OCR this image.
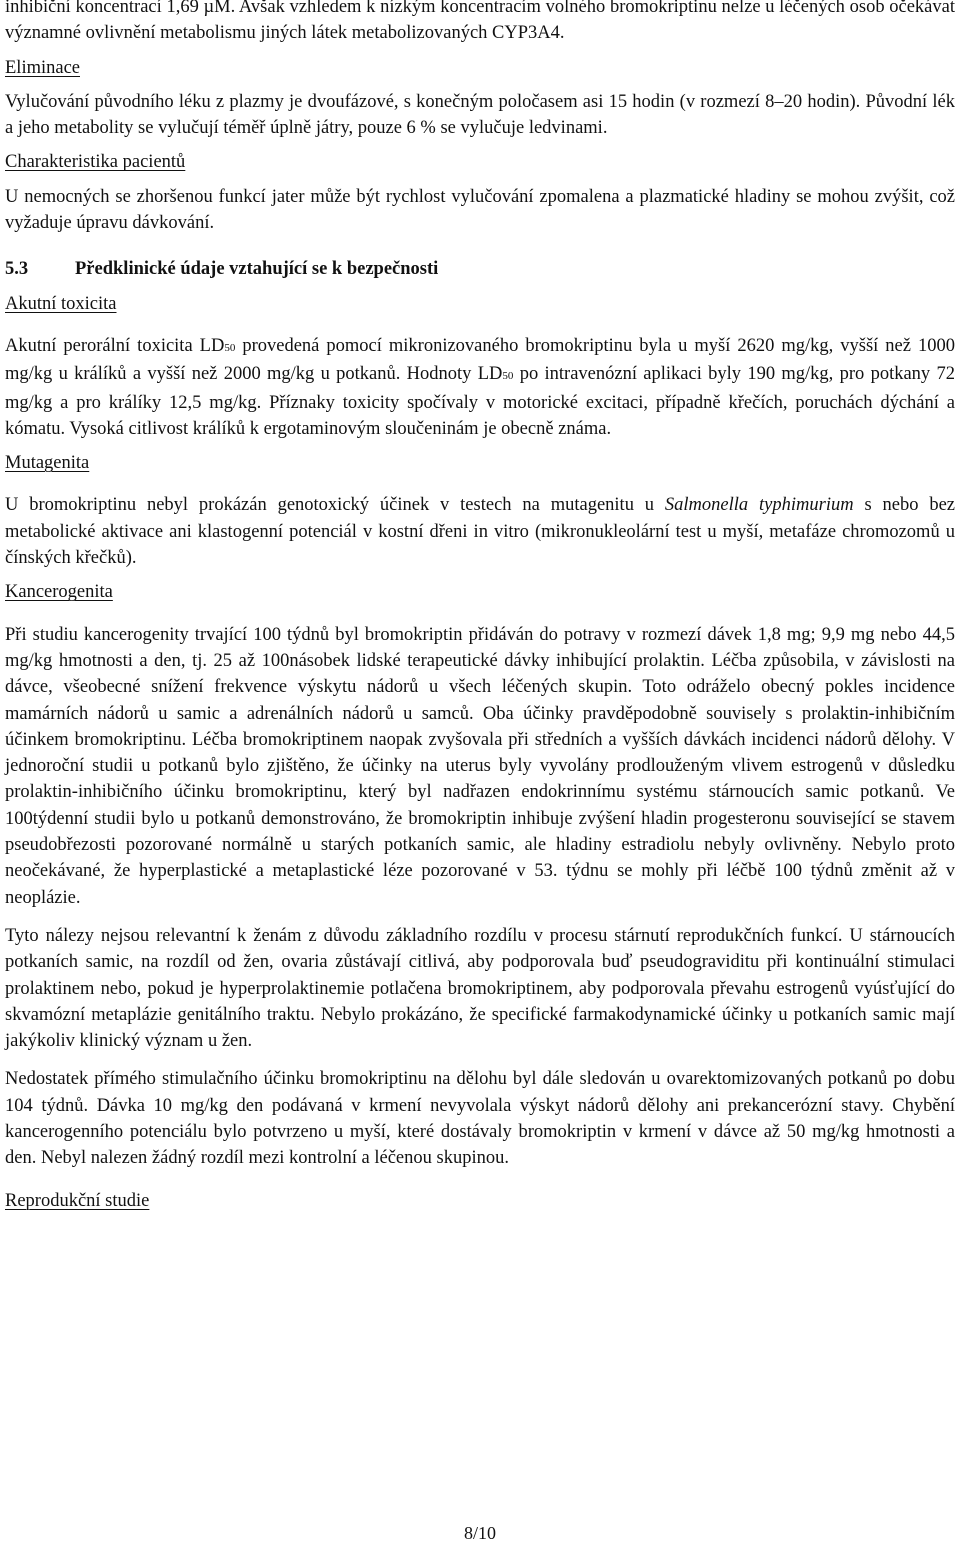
inhibiční koncentrací 1,69 µM. Avšak vzhledem k nízkým koncentracím volného bromokriptinu nelze u léčených osob očekávat významné ovlivnění metabolismu jiných látek metabolizovaných CYP3A4.

Eliminace

Vylučování původního léku z plazmy je dvoufázové, s konečným poločasem asi 15 hodin (v rozmezí 8–20 hodin). Původní lék a jeho metabolity se vylučují téměř úplně játry, pouze 6 % se vylučuje ledvinami.

Charakteristika pacientů

U nemocných se zhoršenou funkcí jater může být rychlost vylučování zpomalena a plazmatické hladiny se mohou zvýšit, což vyžaduje úpravu dávkování.

5.3	Předklinické údaje vztahující se k bezpečnosti

Akutní toxicita

Akutní perorální toxicita LD50 provedená pomocí mikronizovaného bromokriptinu byla u myší 2620 mg/kg, vyšší než 1000 mg/kg u králíků a vyšší než 2000 mg/kg u potkanů. Hodnoty LD50 po intravenózní aplikaci byly 190 mg/kg, pro potkany 72 mg/kg a pro králíky 12,5 mg/kg. Příznaky toxicity spočívaly v motorické excitaci, případně křečích, poruchách dýchání a kómatu. Vysoká citlivost králíků k ergotaminovým sloučeninám je obecně známa.

Mutagenita

U bromokriptinu nebyl prokázán genotoxický účinek v testech na mutagenitu u Salmonella typhimurium s nebo bez metabolické aktivace ani klastogenní potenciál v kostní dřeni in vitro (mikronukleolární test u myší, metafáze chromozomů u čínských křečků).

Kancerogenita

Při studiu kancerogenity trvající 100 týdnů byl bromokriptin přidáván do potravy v rozmezí dávek 1,8 mg; 9,9 mg nebo 44,5 mg/kg hmotnosti a den, tj. 25 až 100násobek lidské terapeutické dávky inhibující prolaktin. Léčba způsobila, v závislosti na dávce, všeobecné snížení frekvence výskytu nádorů u všech léčených skupin. Toto odráželo obecný pokles incidence mamárních nádorů u samic a adrenálních nádorů u samců. Oba účinky pravděpodobně souvisely s prolaktin-inhibičním účinkem bromokriptinu. Léčba bromokriptinem naopak zvyšovala při středních a vyšších dávkách incidenci nádorů dělohy. V jednoroční studii u potkanů bylo zjištěno, že účinky na uterus byly vyvolány prodlouženým vlivem estrogenů v důsledku prolaktin-inhibičního účinku bromokriptinu, který byl nadřazen endokrinnímu systému stárnoucích samic potkanů. Ve 100týdenní studii bylo u potkanů demonstrováno, že bromokriptin inhibuje zvýšení hladin progesteronu související se stavem pseudobřezosti pozorované normálně u starých potkaních samic, ale hladiny estradiolu nebyly ovlivněny. Nebylo proto neočekávané, že hyperplastické a metaplastické léze pozorované v 53. týdnu se mohly při léčbě 100 týdnů změnit až v neoplázie.

Tyto nálezy nejsou relevantní k ženám z důvodu základního rozdílu v procesu stárnutí reprodukčních funkcí. U stárnoucích potkaních samic, na rozdíl od žen, ovaria zůstávají citlivá, aby podporovala buď pseudograviditu při kontinuální stimulaci prolaktinem nebo, pokud je hyperprolaktinemie potlačena bromokriptinem, aby podporovala převahu estrogenů vyúsťující do skvamózní metaplázie genitálního traktu. Nebylo prokázáno, že specifické farmakodynamické účinky u potkaních samic mají jakýkoliv klinický význam u žen.

Nedostatek přímého stimulačního účinku bromokriptinu na dělohu byl dále sledován u ovarektomizovaných potkanů po dobu 104 týdnů. Dávka 10 mg/kg den podávaná v krmení nevyvolala výskyt nádorů dělohy ani prekancerózní stavy. Chybění kancerogenního potenciálu bylo potvrzeno u myší, které dostávaly bromokriptin v krmení v dávce až 50 mg/kg hmotnosti a den. Nebyl nalezen žádný rozdíl mezi kontrolní a léčenou skupinou.

Reprodukční studie

8/10
